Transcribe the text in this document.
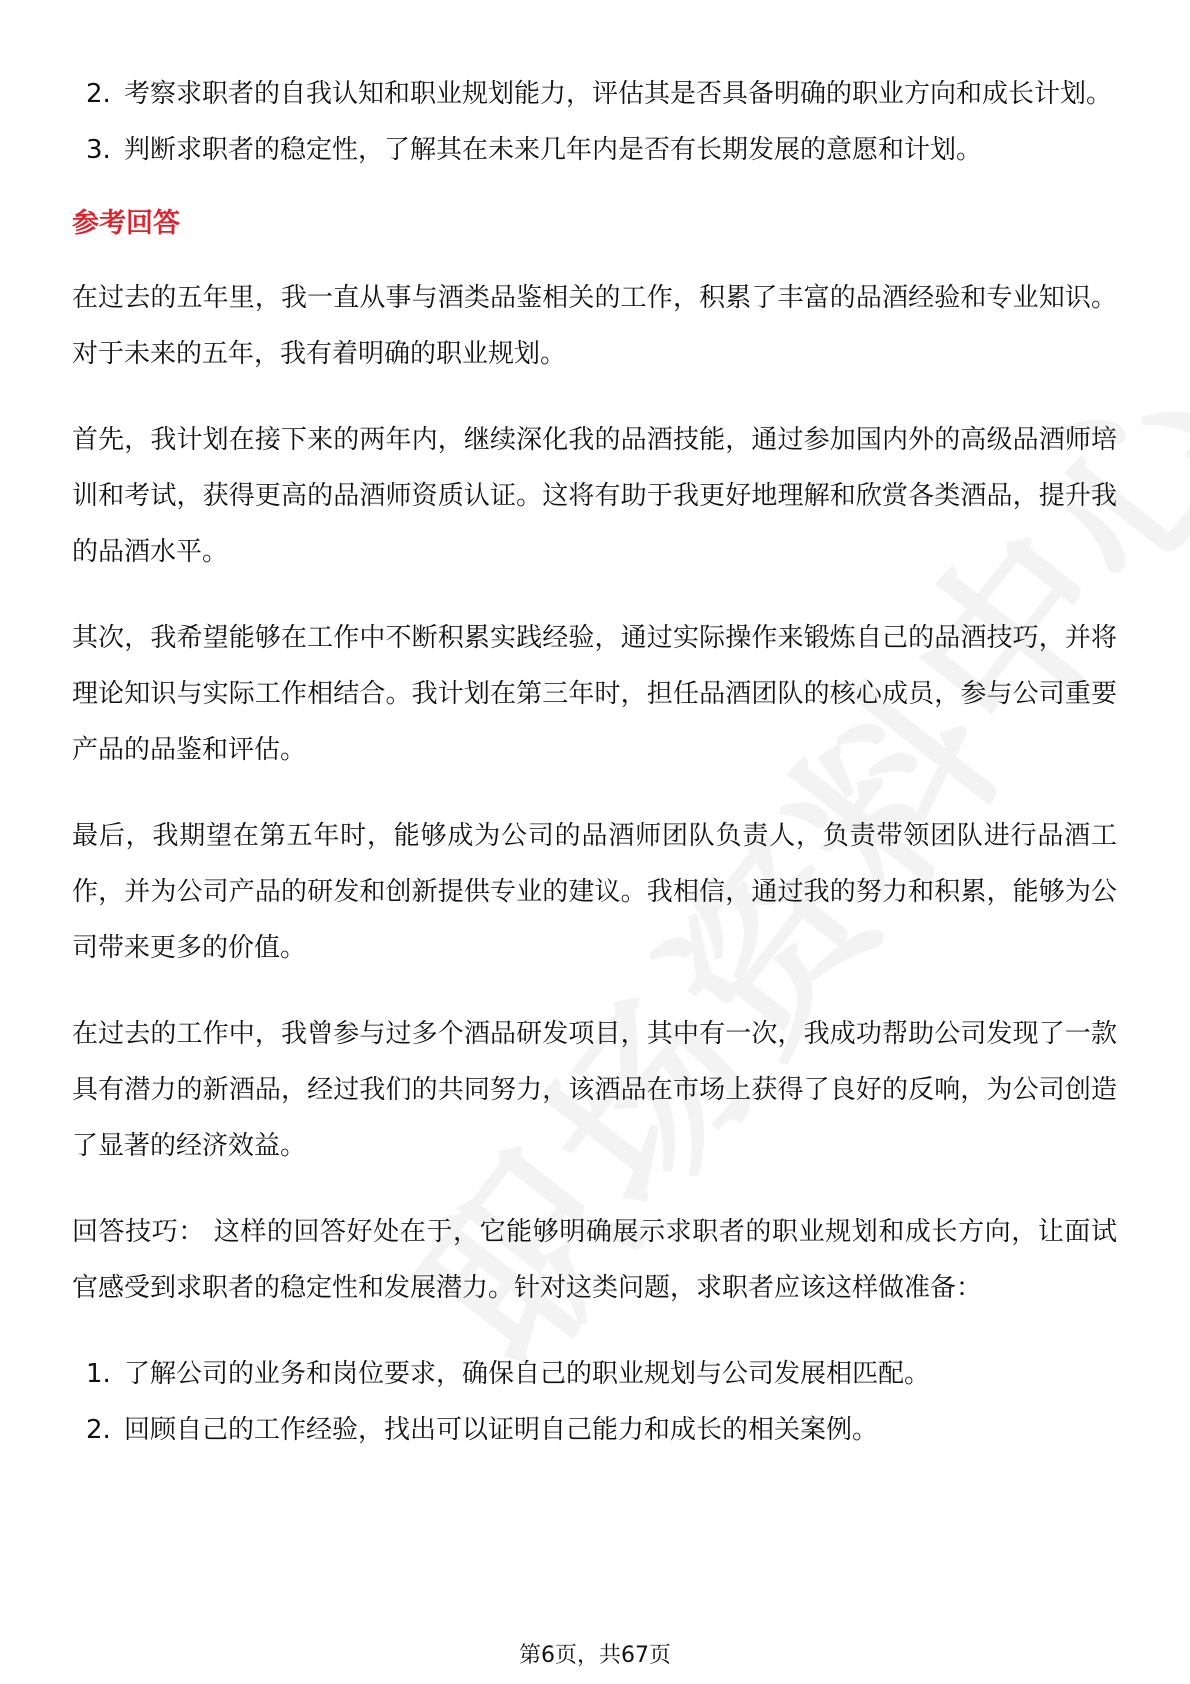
2. 考察求职者的自我认知和职业规划能力，评估其是否具备明确的职业方向和成长计划。
3. 判断求职者的稳定性，了解其在未来几年内是否有长期发展的意愿和计划。
参考回答

在过去的五年里，我一直从事与酒类品鉴相关的工作，积累了丰富的品酒经验和专业知识。对于未来的五年，我有着明确的职业规划。

首先，我计划在接下来的两年内，继续深化我的品酒技能，通过参加国内外的高级品酒师培训和考试，获得更高的品酒师资质认证。这将有助于我更好地理解和欣赏各类酒品，提升我的品酒水平。

其次，我希望能够在工作中不断积累实践经验，通过实际操作来锻炼自己的品酒技巧，并将理论知识与实际工作相结合。我计划在第三年时，担任品酒团队的核心成员，参与公司重要产品的品鉴和评估。

最后，我期望在第五年时，能够成为公司的品酒师团队负责人，负责带领团队进行品酒工作，并为公司产品的研发和创新提供专业的建议。我相信，通过我的努力和积累，能够为公司带来更多的价值。

在过去的工作中，我曾参与过多个酒品研发项目，其中有一次，我成功帮助公司发现了一款具有潜力的新酒品，经过我们的共同努力，该酒品在市场上获得了良好的反响，为公司创造了显著的经济效益。

回答技巧： 这样的回答好处在于，它能够明确展示求职者的职业规划和成长方向，让面试官感受到求职者的稳定性和发展潜力。针对这类问题，求职者应该这样做准备：

1. 了解公司的业务和岗位要求，确保自己的职业规划与公司发展相匹配。
2. 回顾自己的工作经验，找出可以证明自己能力和成长的相关案例。
第6页，共67页
